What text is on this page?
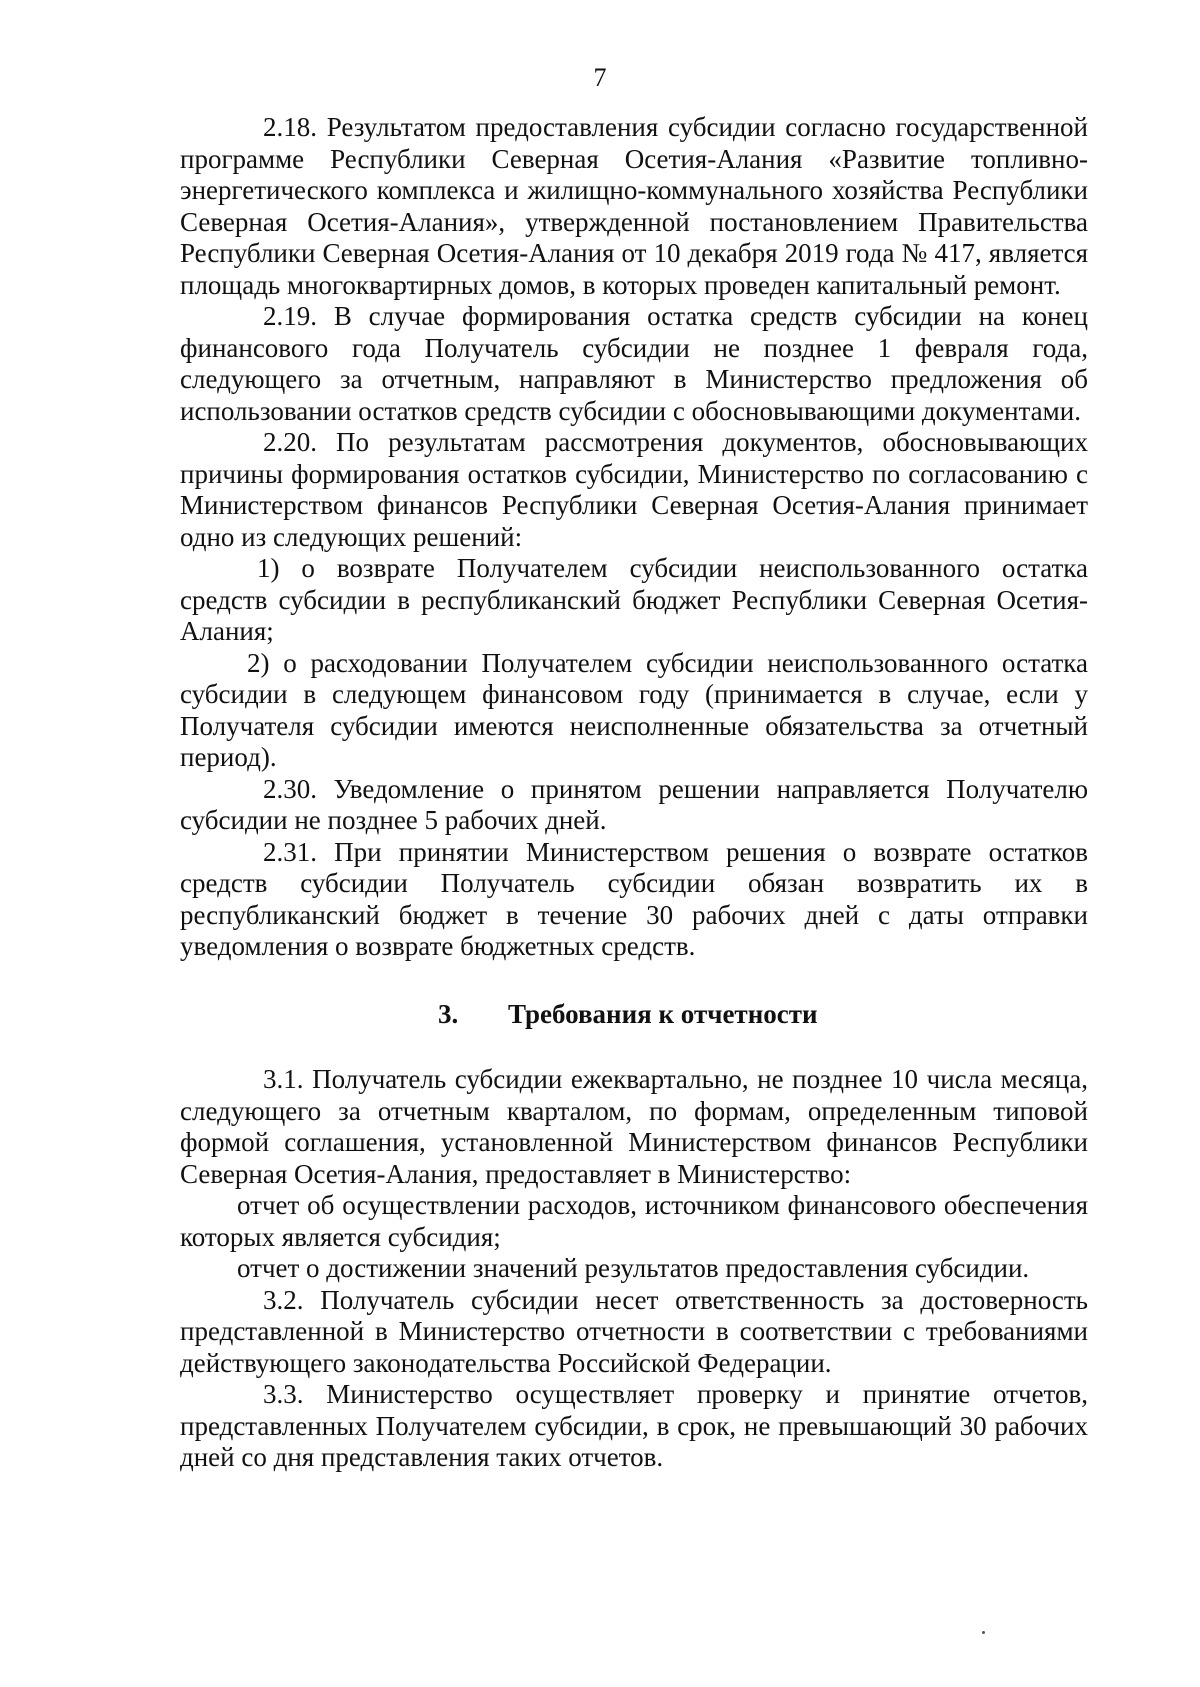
7

2.18. Результатом предоставления субсидии согласно государственной программе Республики Северная Осетия-Алания «Развитие топливно-энергетического комплекса и жилищно-коммунального хозяйства Республики Северная Осетия-Алания», утвержденной постановлением Правительства Республики Северная Осетия-Алания от 10 декабря 2019 года № 417, является площадь многоквартирных домов, в которых проведен капитальный ремонт.

2.19. В случае формирования остатка средств субсидии на конец финансового года Получатель субсидии не позднее 1 февраля года, следующего за отчетным, направляют в Министерство предложения об использовании остатков средств субсидии с обосновывающими документами.

2.20. По результатам рассмотрения документов, обосновывающих причины формирования остатков субсидии, Министерство по согласованию с Министерством финансов Республики Северная Осетия-Алания принимает одно из следующих решений:

1) о возврате Получателем субсидии неиспользованного остатка средств субсидии в республиканский бюджет Республики Северная Осетия-Алания;

2) о расходовании Получателем субсидии неиспользованного остатка субсидии в следующем финансовом году (принимается в случае, если у Получателя субсидии имеются неисполненные обязательства за отчетный период).

2.30. Уведомление о принятом решении направляется Получателю субсидии не позднее 5 рабочих дней.

2.31. При принятии Министерством решения о возврате остатков средств субсидии Получатель субсидии обязан возвратить их в республиканский бюджет в течение 30 рабочих дней с даты отправки уведомления о возврате бюджетных средств.

3. Требования к отчетности

3.1. Получатель субсидии ежеквартально, не позднее 10 числа месяца, следующего за отчетным кварталом, по формам, определенным типовой формой соглашения, установленной Министерством финансов Республики Северная Осетия-Алания, предоставляет в Министерство:

отчет об осуществлении расходов, источником финансового обеспечения которых является субсидия;

отчет о достижении значений результатов предоставления субсидии.

3.2. Получатель субсидии несет ответственность за достоверность представленной в Министерство отчетности в соответствии с требованиями действующего законодательства Российской Федерации.

3.3. Министерство осуществляет проверку и принятие отчетов, представленных Получателем субсидии, в срок, не превышающий 30 рабочих дней со дня представления таких отчетов.
